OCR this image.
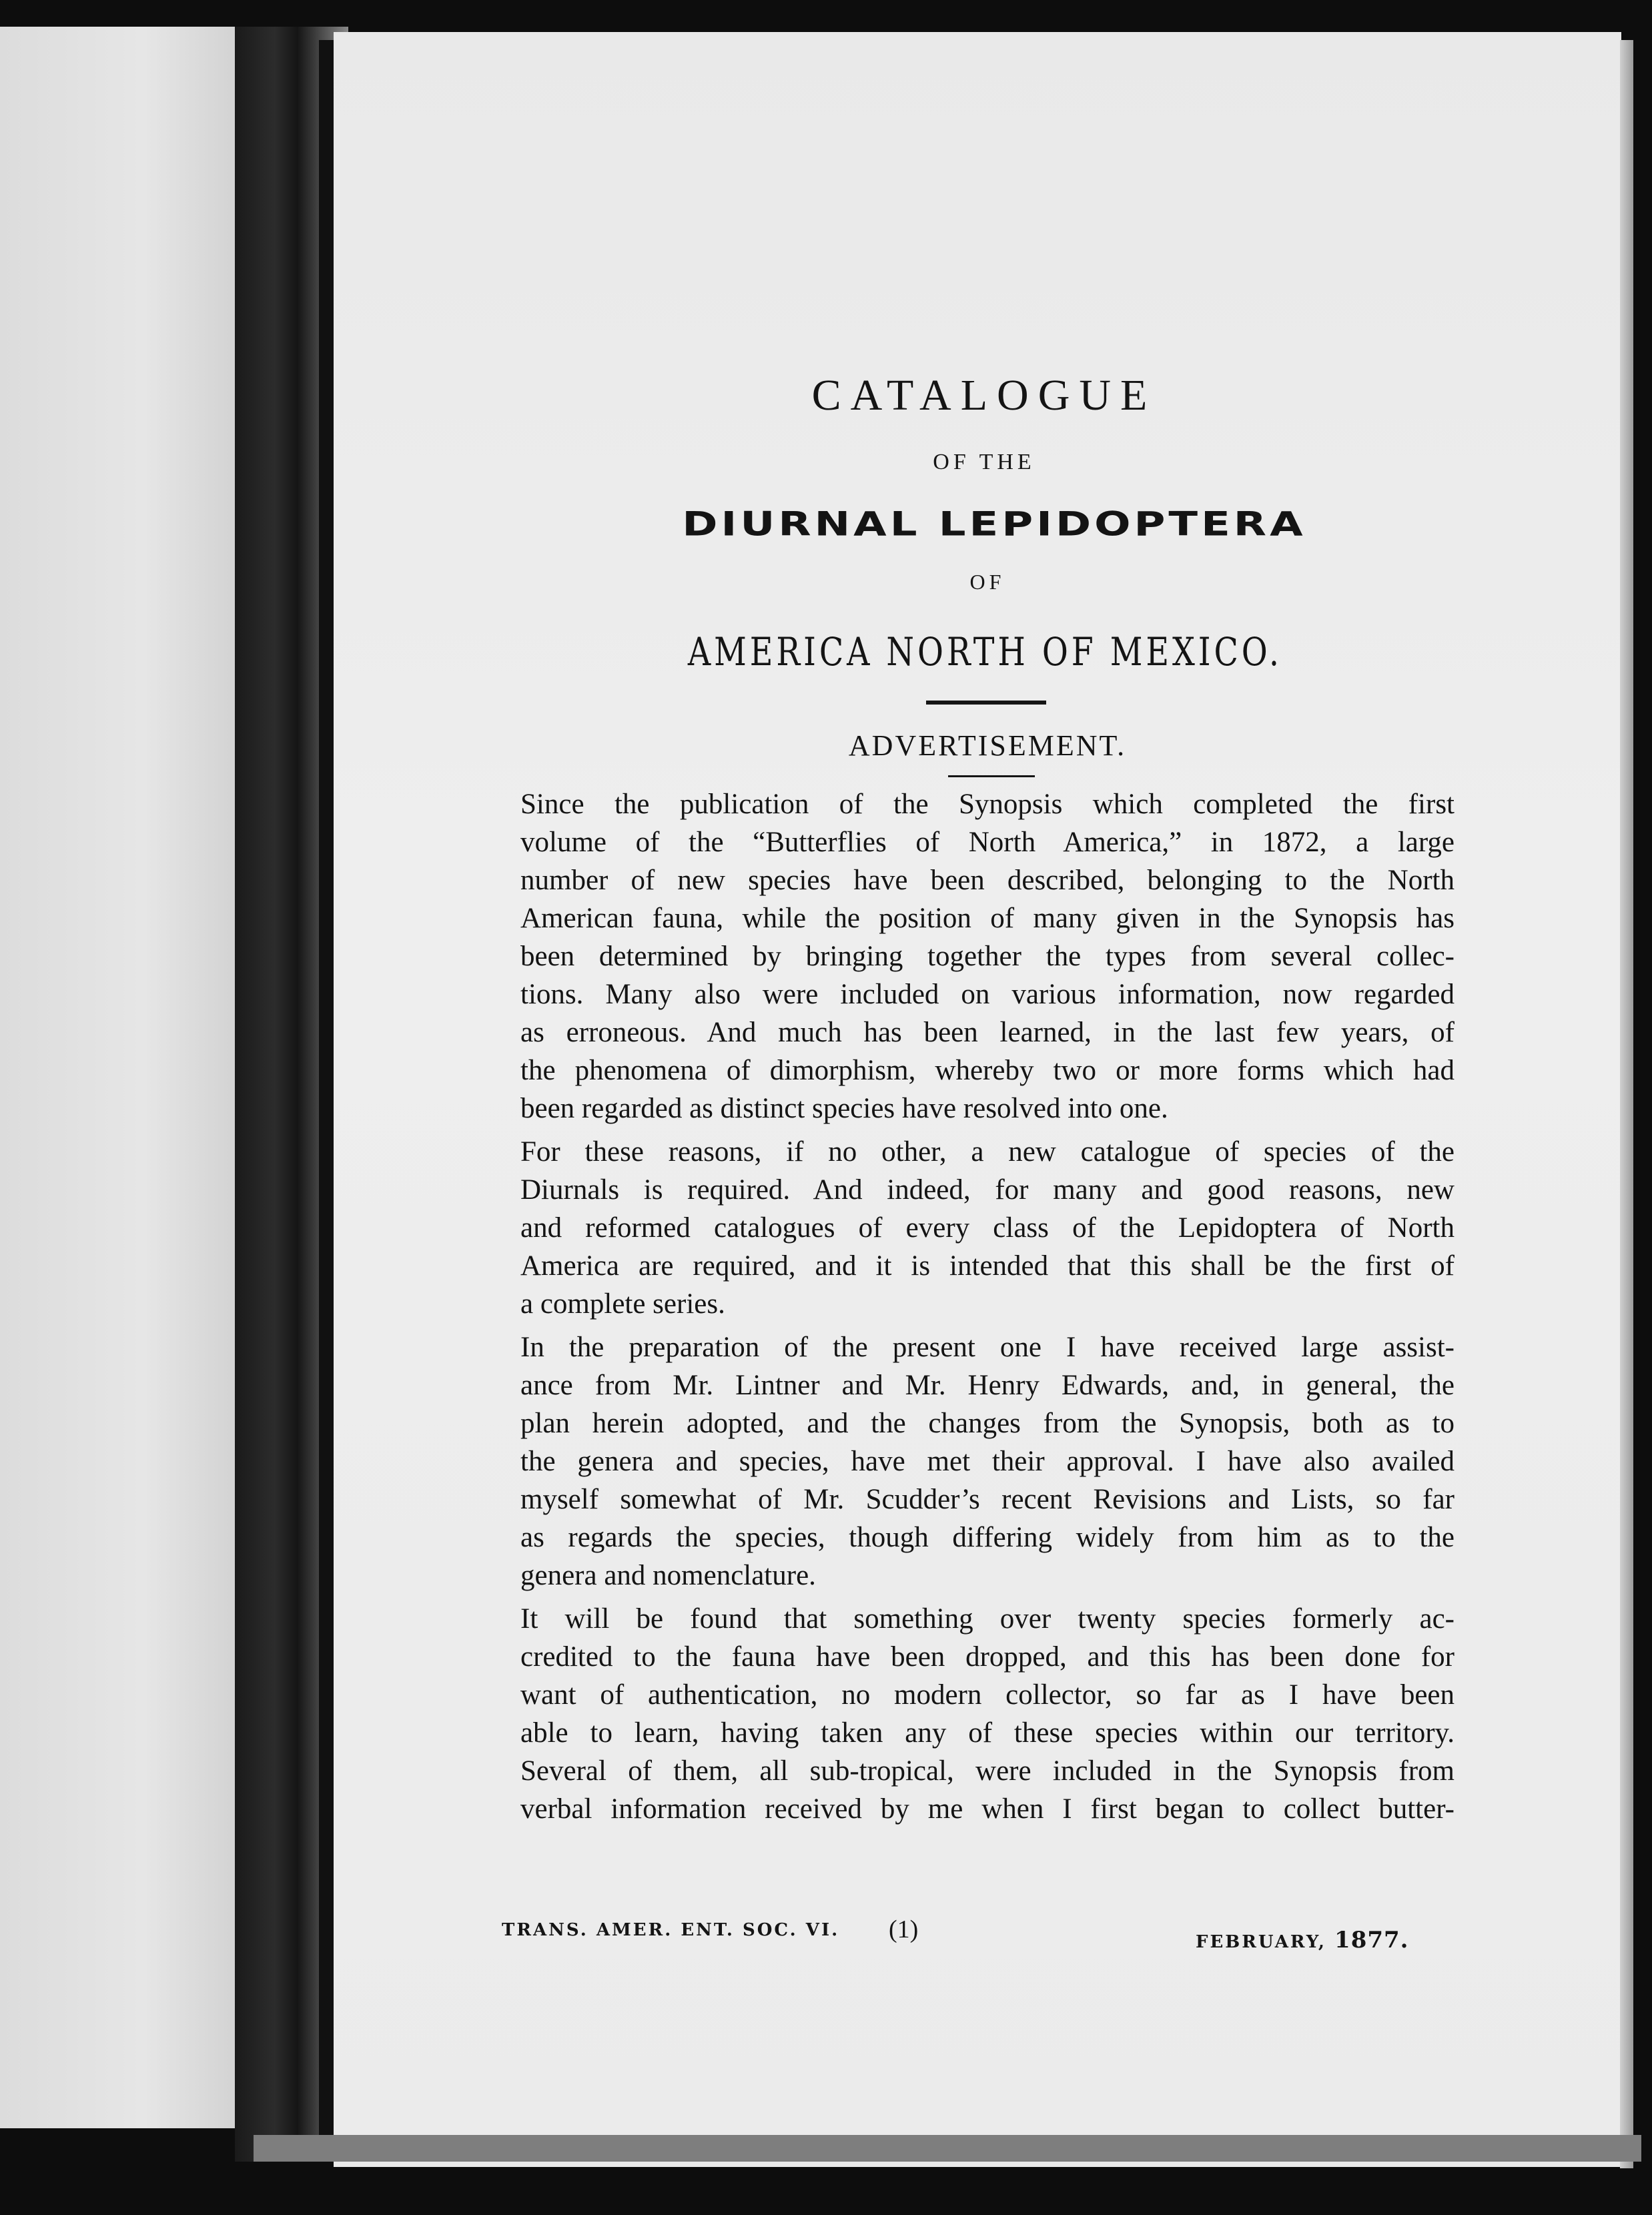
CATALOGUE
OF THE
DIURNAL LEPIDOPTERA
OF
AMERICA NORTH OF MEXICO.
ADVERTISEMENT.

Since the publication of the Synopsis which completed the first
volume of the “Butterflies of North America,” in 1872, a large
number of new species have been described, belonging to the North
American fauna, while the position of many given in the Synopsis has
been determined by bringing together the types from several collec-
tions. Many also were included on various information, now regarded
as erroneous. And much has been learned, in the last few years, of
the phenomena of dimorphism, whereby two or more forms which had
been regarded as distinct species have resolved into one.

For these reasons, if no other, a new catalogue of species of the
Diurnals is required. And indeed, for many and good reasons, new
and reformed catalogues of every class of the Lepidoptera of North
America are required, and it is intended that this shall be the first of
a complete series.

In the preparation of the present one I have received large assist-
ance from Mr. Lintner and Mr. Henry Edwards, and, in general, the
plan herein adopted, and the changes from the Synopsis, both as to
the genera and species, have met their approval. I have also availed
myself somewhat of Mr. Scudder’s recent Revisions and Lists, so far
as regards the species, though differing widely from him as to the
genera and nomenclature.

It will be found that something over twenty species formerly ac-
credited to the fauna have been dropped, and this has been done for
want of authentication, no modern collector, so far as I have been
able to learn, having taken any of these species within our territory.
Several of them, all sub-tropical, were included in the Synopsis from
verbal information received by me when I first began to collect butter-

TRANS. AMER. ENT. SOC. VI. (1)	FEBRUARY, 1877.
